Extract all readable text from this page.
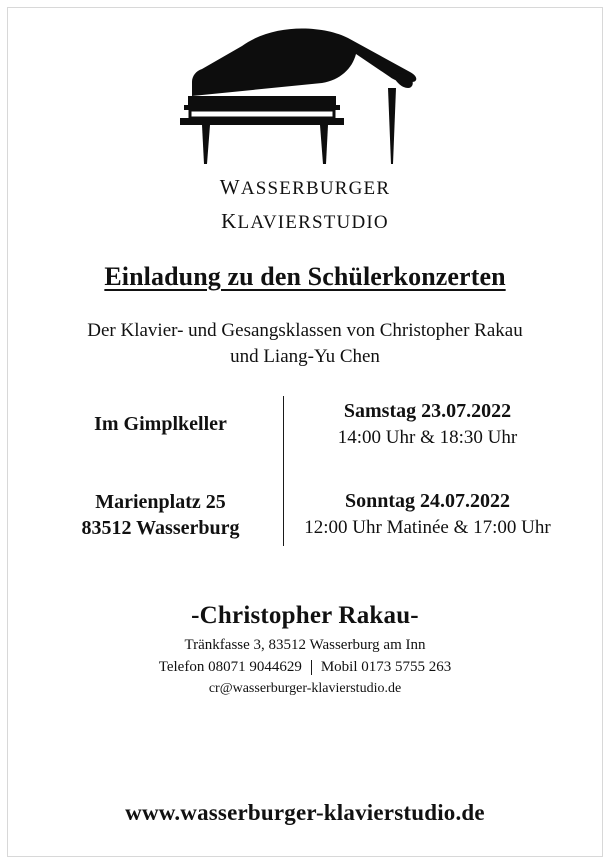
wasserburger
klavierstudio
Einladung zu den Schülerkonzerten
Der Klavier- und Gesangsklassen von Christopher Rakau
und Liang-Yu Chen
Im Gimplkeller
Samstag 23.07.2022
14:00 Uhr & 18:30 Uhr
Marienplatz 25
83512 Wasserburg
Sonntag 24.07.2022
12:00 Uhr Matinée & 17:00 Uhr
-Christopher Rakau-
Tränkfasse 3, 83512 Wasserburg am Inn
Telefon 08071 9044629 Mobil 0173 5755 263
cr@wasserburger-klavierstudio.de
www.wasserburger-klavierstudio.de
